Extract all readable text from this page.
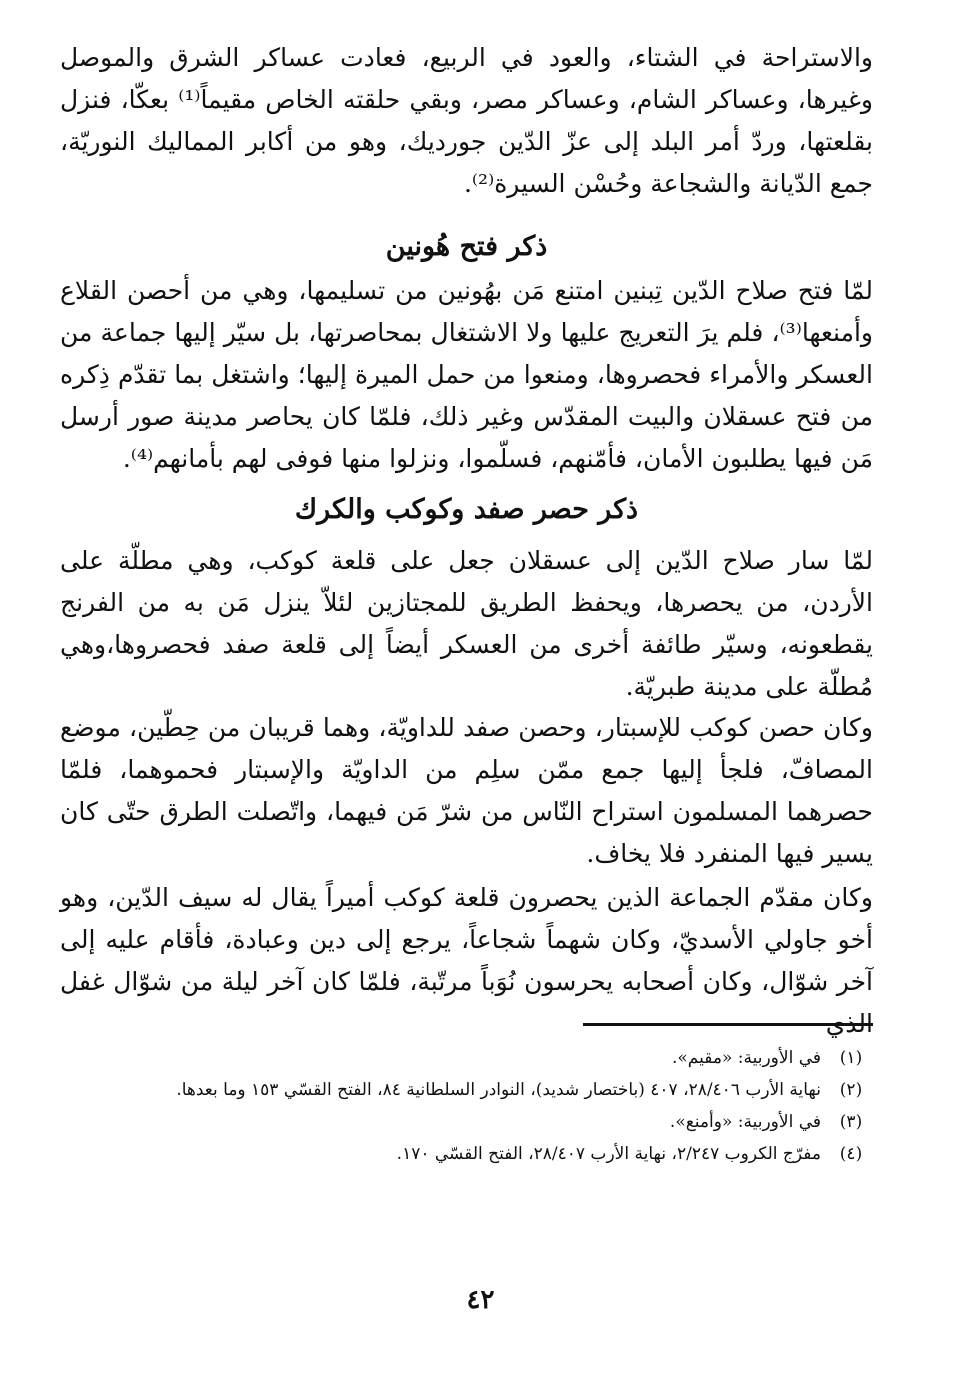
والاستراحة في الشتاء، والعود في الربيع، فعادت عساكر الشرق والموصل وغيرها، وعساكر الشام، وعساكر مصر، وبقي حلقته الخاص مقيماً⁽¹⁾ بعكّا، فنزل بقلعتها، وردّ أمر البلد إلى عزّ الدّين جورديك، وهو من أكابر المماليك النوريّة، جمع الدّيانة والشجاعة وحُسْن السيرة⁽²⁾.

ذكر فتح هُونين

لمّا فتح صلاح الدّين تِبنين امتنع مَن بهُونين من تسليمها، وهي من أحصن القلاع وأمنعها⁽³⁾، فلم يرَ التعريج عليها ولا الاشتغال بمحاصرتها، بل سيّر إليها جماعة من العسكر والأمراء فحصروها، ومنعوا من حمل الميرة إليها؛ واشتغل بما تقدّم ذِكره من فتح عسقلان والبيت المقدّس وغير ذلك، فلمّا كان يحاصر مدينة صور أرسل مَن فيها يطلبون الأمان، فأمّنهم، فسلّموا، ونزلوا منها فوفى لهم بأمانهم⁽⁴⁾.

ذكر حصر صفد وكوكب والكرك

لمّا سار صلاح الدّين إلى عسقلان جعل على قلعة كوكب، وهي مطلّة على الأردن، من يحصرها، ويحفظ الطريق للمجتازين لئلاّ ينزل مَن به من الفرنج يقطعونه، وسيّر طائفة أخرى من العسكر أيضاً إلى قلعة صفد فحصروها،وهي مُطلّة على مدينة طبريّة.

وكان حصن كوكب للإسبتار، وحصن صفد للداويّة، وهما قريبان من حِطّين، موضع المصافّ، فلجأ إليها جمع ممّن سلِم من الداويّة والإسبتار فحموهما، فلمّا حصرهما المسلمون استراح النّاس من شرّ مَن فيهما، واتّصلت الطرق حتّى كان يسير فيها المنفرد فلا يخاف.

وكان مقدّم الجماعة الذين يحصرون قلعة كوكب أميراً يقال له سيف الدّين، وهو أخو جاولي الأسديّ، وكان شهماً شجاعاً، يرجع إلى دين وعبادة، فأقام عليه إلى آخر شوّال، وكان أصحابه يحرسون نُوَباً مرتّبة، فلمّا كان آخر ليلة من شوّال غفل الذي

(١)
في الأوربية: «مقيم».
(٢)
نهاية الأرب ٢٨/٤٠٦، ٤٠٧ (باختصار شديد)، النوادر السلطانية ٨٤، الفتح القسّي ١٥٣ وما بعدها.
(٣)
في الأوربية: «وأمنع».
(٤)
مفرّج الكروب ٢/٢٤٧، نهاية الأرب ٢٨/٤٠٧، الفتح القسّي ١٧٠.
٤٢
